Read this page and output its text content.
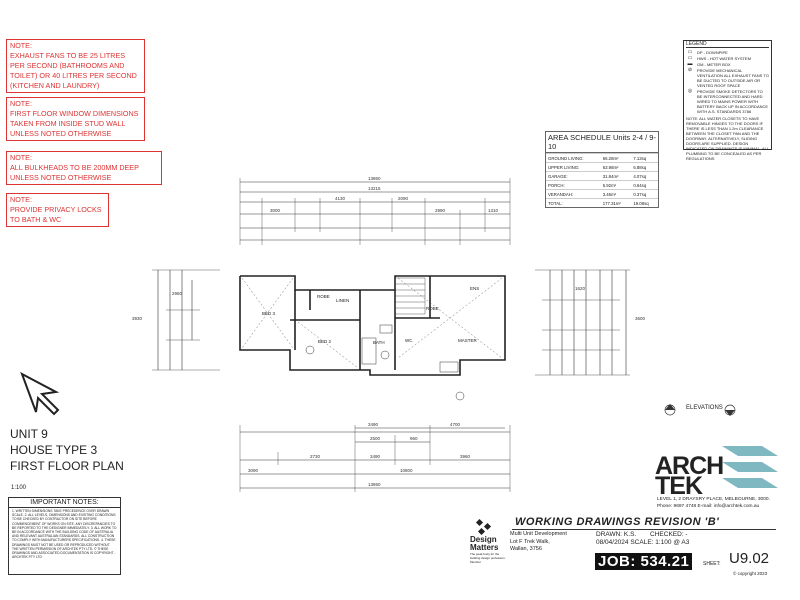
NOTE:
EXHAUST FANS TO BE 25 LITRES PER SECOND (BATHROOMS AND TOILET) OR 40 LITRES PER SECOND (KITCHEN AND LAUNDRY)
NOTE:
FIRST FLOOR WINDOW DIMENSIONS TAKEN FROM INSIDE STUD WALL UNLESS NOTED OTHERWISE
NOTE:
ALL BULKHEADS TO BE 200MM DEEP UNLESS NOTED OTHERWISE
NOTE:
PROVIDE PRIVACY LOCKS TO BATH & WC
LEGEND
▭	DP - DOWNPIPE
▭	HWS - HOT WATER SYSTEM
▬	GM - METER BOX
⊘	PROVIDE MECHANICAL VENTILATION ALL EXHAUST FANS TO BE DUCTED TO OUTSIDE AIR OR VENTED ROOF SPACE
◎	PROVIDE SMOKE DETECTORS TO BE INTERCONNECTED AND HARD WIRED TO MAINS POWER WITH BATTERY BACK UP IN ACCORDANCE WITH A.S. STANDARDS 3786
NOTE: ALL WATER CLOSETS TO HAVE REMOVABLE HINGES TO THE DOORS IF THERE IS LESS THAN 1.2m CLEARANCE BETWEEN THE CLOSET PAN AND THE DOORWAY. ALTERNATIVELY, SLIDING DOORS ARE SUPPLIED. DESIGN INDICATED ON DRAWINGS IS MINIMAL. ALL PLUMBING TO BE CONCEALED AS PER REGULATIONS
AREA SCHEDULE Units 2-4 / 9-10
GROUND LIVING:	66.28m²	7.13sq
UPPER LIVING:	63.98m²	6.88sq
GARAGE:	31.84m²	4.07sq
PORCH:	5.92m²	0.64sq
VERANDAH:	3.46m²	0.37sq
TOTAL:	177.31m²	19.08sq
BED 3
BED 2
LINEN
ROBE
BATH	WC	MASTER
ROBE
ENS
13860
13215
3000
4130	2090
2990	1310
3490	4700
2500	960
2730	3490	3960
13860
10800
3090
3930	3600
2960
1620
ELEVATIONS
UNIT 9
HOUSE TYPE 3
FIRST FLOOR PLAN
1:100
IMPORTANT NOTES:
1. WRITTEN DIMENSIONS TAKE PRECEDENCE OVER DRAWN SCALE. 2. ALL LEVELS, DIMENSIONS AND EXISTING CONDITIONS TO BE CHECKED BY CONTRACTOR ON SITE BEFORE COMMENCEMENT OF WORKS ON SITE. ANY DISCREPANCIES TO BE REPORTED TO THE DESIGNER IMMEDIATELY. 3. ALL WORK TO BE IN ACCORDANCE WITH THE BUILDING CODE OF AUSTRALIA AND RELEVANT AUSTRALIAN STANDARDS. ALL CONSTRUCTION TO COMPLY WITH MANUFACTURERS SPECIFICATIONS. 4. THESE DRAWINGS MUST NOT BE USED OR REPRODUCED WITHOUT THE WRITTEN PERMISSION OF ARCHTEK PTY LTD. © THESE DRAWINGS AND ASSOCIATED DOCUMENTATION IS COPYRIGHT - ARCHTEK PTY LTD
Design Matters
The peak body for the building design profession. Member
ARCH TEK
LEVEL 1, 2 DRAYSRY PLACE, MELBOURNE, 3000.
Phone: 9697 4748 E-mail: info@archtek.com.au
WORKING DRAWINGS REVISION 'B'
Multi Unit Development
Lot F Trek Walk,
Wallan, 3756
DRAWN: K.S. CHECKED: -
08/04/2024 SCALE: 1:100 @ A3
JOB: 534.21	SHEET: U9.02
© copyright 2023
